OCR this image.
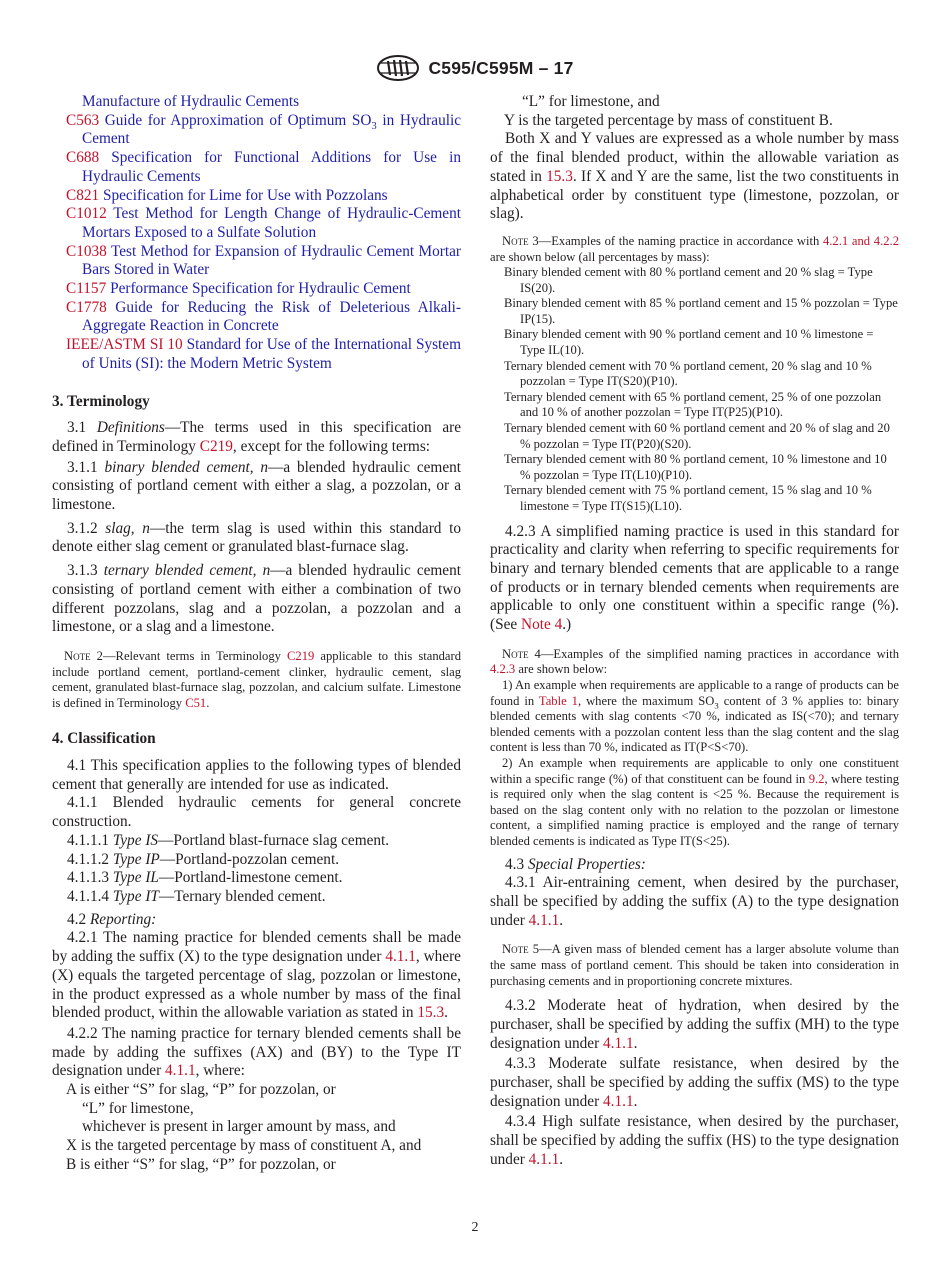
C595/C595M – 17

Manufacture of Hydraulic Cements

C563 Guide for Approximation of Optimum $SO_3$ in Hydraulic Cement

C688 Specification for Functional Additions for Use in Hydraulic Cements

C821 Specification for Lime for Use with Pozzolans

C1012 Test Method for Length Change of Hydraulic-Cement Mortars Exposed to a Sulfate Solution

C1038 Test Method for Expansion of Hydraulic Cement Mortar Bars Stored in Water

C1157 Performance Specification for Hydraulic Cement

C1778 Guide for Reducing the Risk of Deleterious Alkali-Aggregate Reaction in Concrete

IEEE/ASTM SI 10 Standard for Use of the International System of Units (SI): the Modern Metric System

3. Terminology

3.1 Definitions—The terms used in this specification are defined in Terminology C219, except for the following terms:

3.1.1 binary blended cement, n—a blended hydraulic cement consisting of portland cement with either a slag, a pozzolan, or a limestone.

3.1.2 slag, n—the term slag is used within this standard to denote either slag cement or granulated blast-furnace slag.

3.1.3 ternary blended cement, n—a blended hydraulic cement consisting of portland cement with either a combination of two different pozzolans, slag and a pozzolan, a pozzolan and a limestone, or a slag and a limestone.

Note 2—Relevant terms in Terminology C219 applicable to this standard include portland cement, portland-cement clinker, hydraulic cement, slag cement, granulated blast-furnace slag, pozzolan, and calcium sulfate. Limestone is defined in Terminology C51.

4. Classification

4.1 This specification applies to the following types of blended cement that generally are intended for use as indicated.

4.1.1 Blended hydraulic cements for general concrete construction.

4.1.1.1 Type IS—Portland blast-furnace slag cement.

4.1.1.2 Type IP—Portland-pozzolan cement.

4.1.1.3 Type IL—Portland-limestone cement.

4.1.1.4 Type IT—Ternary blended cement.

4.2 Reporting:

4.2.1 The naming practice for blended cements shall be made by adding the suffix (X) to the type designation under 4.1.1, where (X) equals the targeted percentage of slag, pozzolan or limestone, in the product expressed as a whole number by mass of the final blended product, within the allowable variation as stated in 15.3.

4.2.2 The naming practice for ternary blended cements shall be made by adding the suffixes (AX) and (BY) to the Type IT designation under 4.1.1, where:

A is either “S” for slag, “P” for pozzolan, or

“L” for limestone,

whichever is present in larger amount by mass, and

X is the targeted percentage by mass of constituent A, and

B is either “S” for slag, “P” for pozzolan, or

“L” for limestone, and

Y is the targeted percentage by mass of constituent B.

Both X and Y values are expressed as a whole number by mass of the final blended product, within the allowable variation as stated in 15.3. If X and Y are the same, list the two constituents in alphabetical order by constituent type (limestone, pozzolan, or slag).

Note 3—Examples of the naming practice in accordance with 4.2.1 and 4.2.2 are shown below (all percentages by mass):

Binary blended cement with 80 % portland cement and 20 % slag = Type IS(20).

Binary blended cement with 85 % portland cement and 15 % pozzolan = Type IP(15).

Binary blended cement with 90 % portland cement and 10 % limestone = Type IL(10).

Ternary blended cement with 70 % portland cement, 20 % slag and 10 % pozzolan = Type IT(S20)(P10).

Ternary blended cement with 65 % portland cement, 25 % of one pozzolan and 10 % of another pozzolan = Type IT(P25)(P10).

Ternary blended cement with 60 % portland cement and 20 % of slag and 20 % pozzolan = Type IT(P20)(S20).

Ternary blended cement with 80 % portland cement, 10 % limestone and 10 % pozzolan = Type IT(L10)(P10).

Ternary blended cement with 75 % portland cement, 15 % slag and 10 % limestone = Type IT(S15)(L10).

4.2.3 A simplified naming practice is used in this standard for practicality and clarity when referring to specific requirements for binary and ternary blended cements that are applicable to a range of products or in ternary blended cements when requirements are applicable to only one constituent within a specific range (%). (See Note 4.)

Note 4—Examples of the simplified naming practices in accordance with 4.2.3 are shown below:

1) An example when requirements are applicable to a range of products can be found in Table 1, where the maximum $SO_3$ content of 3 % applies to: binary blended cements with slag contents <70 %, indicated as IS(<70); and ternary blended cements with a pozzolan content less than the slag content and the slag content is less than 70 %, indicated as IT(P<S<70).

2) An example when requirements are applicable to only one constituent within a specific range (%) of that constituent can be found in 9.2, where testing is required only when the slag content is <25 %. Because the requirement is based on the slag content only with no relation to the pozzolan or limestone content, a simplified naming practice is employed and the range of ternary blended cements is indicated as Type IT(S<25).

4.3 Special Properties:

4.3.1 Air-entraining cement, when desired by the purchaser, shall be specified by adding the suffix (A) to the type designation under 4.1.1.

Note 5—A given mass of blended cement has a larger absolute volume than the same mass of portland cement. This should be taken into consideration in purchasing cements and in proportioning concrete mixtures.

4.3.2 Moderate heat of hydration, when desired by the purchaser, shall be specified by adding the suffix (MH) to the type designation under 4.1.1.

4.3.3 Moderate sulfate resistance, when desired by the purchaser, shall be specified by adding the suffix (MS) to the type designation under 4.1.1.

4.3.4 High sulfate resistance, when desired by the purchaser, shall be specified by adding the suffix (HS) to the type designation under 4.1.1.

2
